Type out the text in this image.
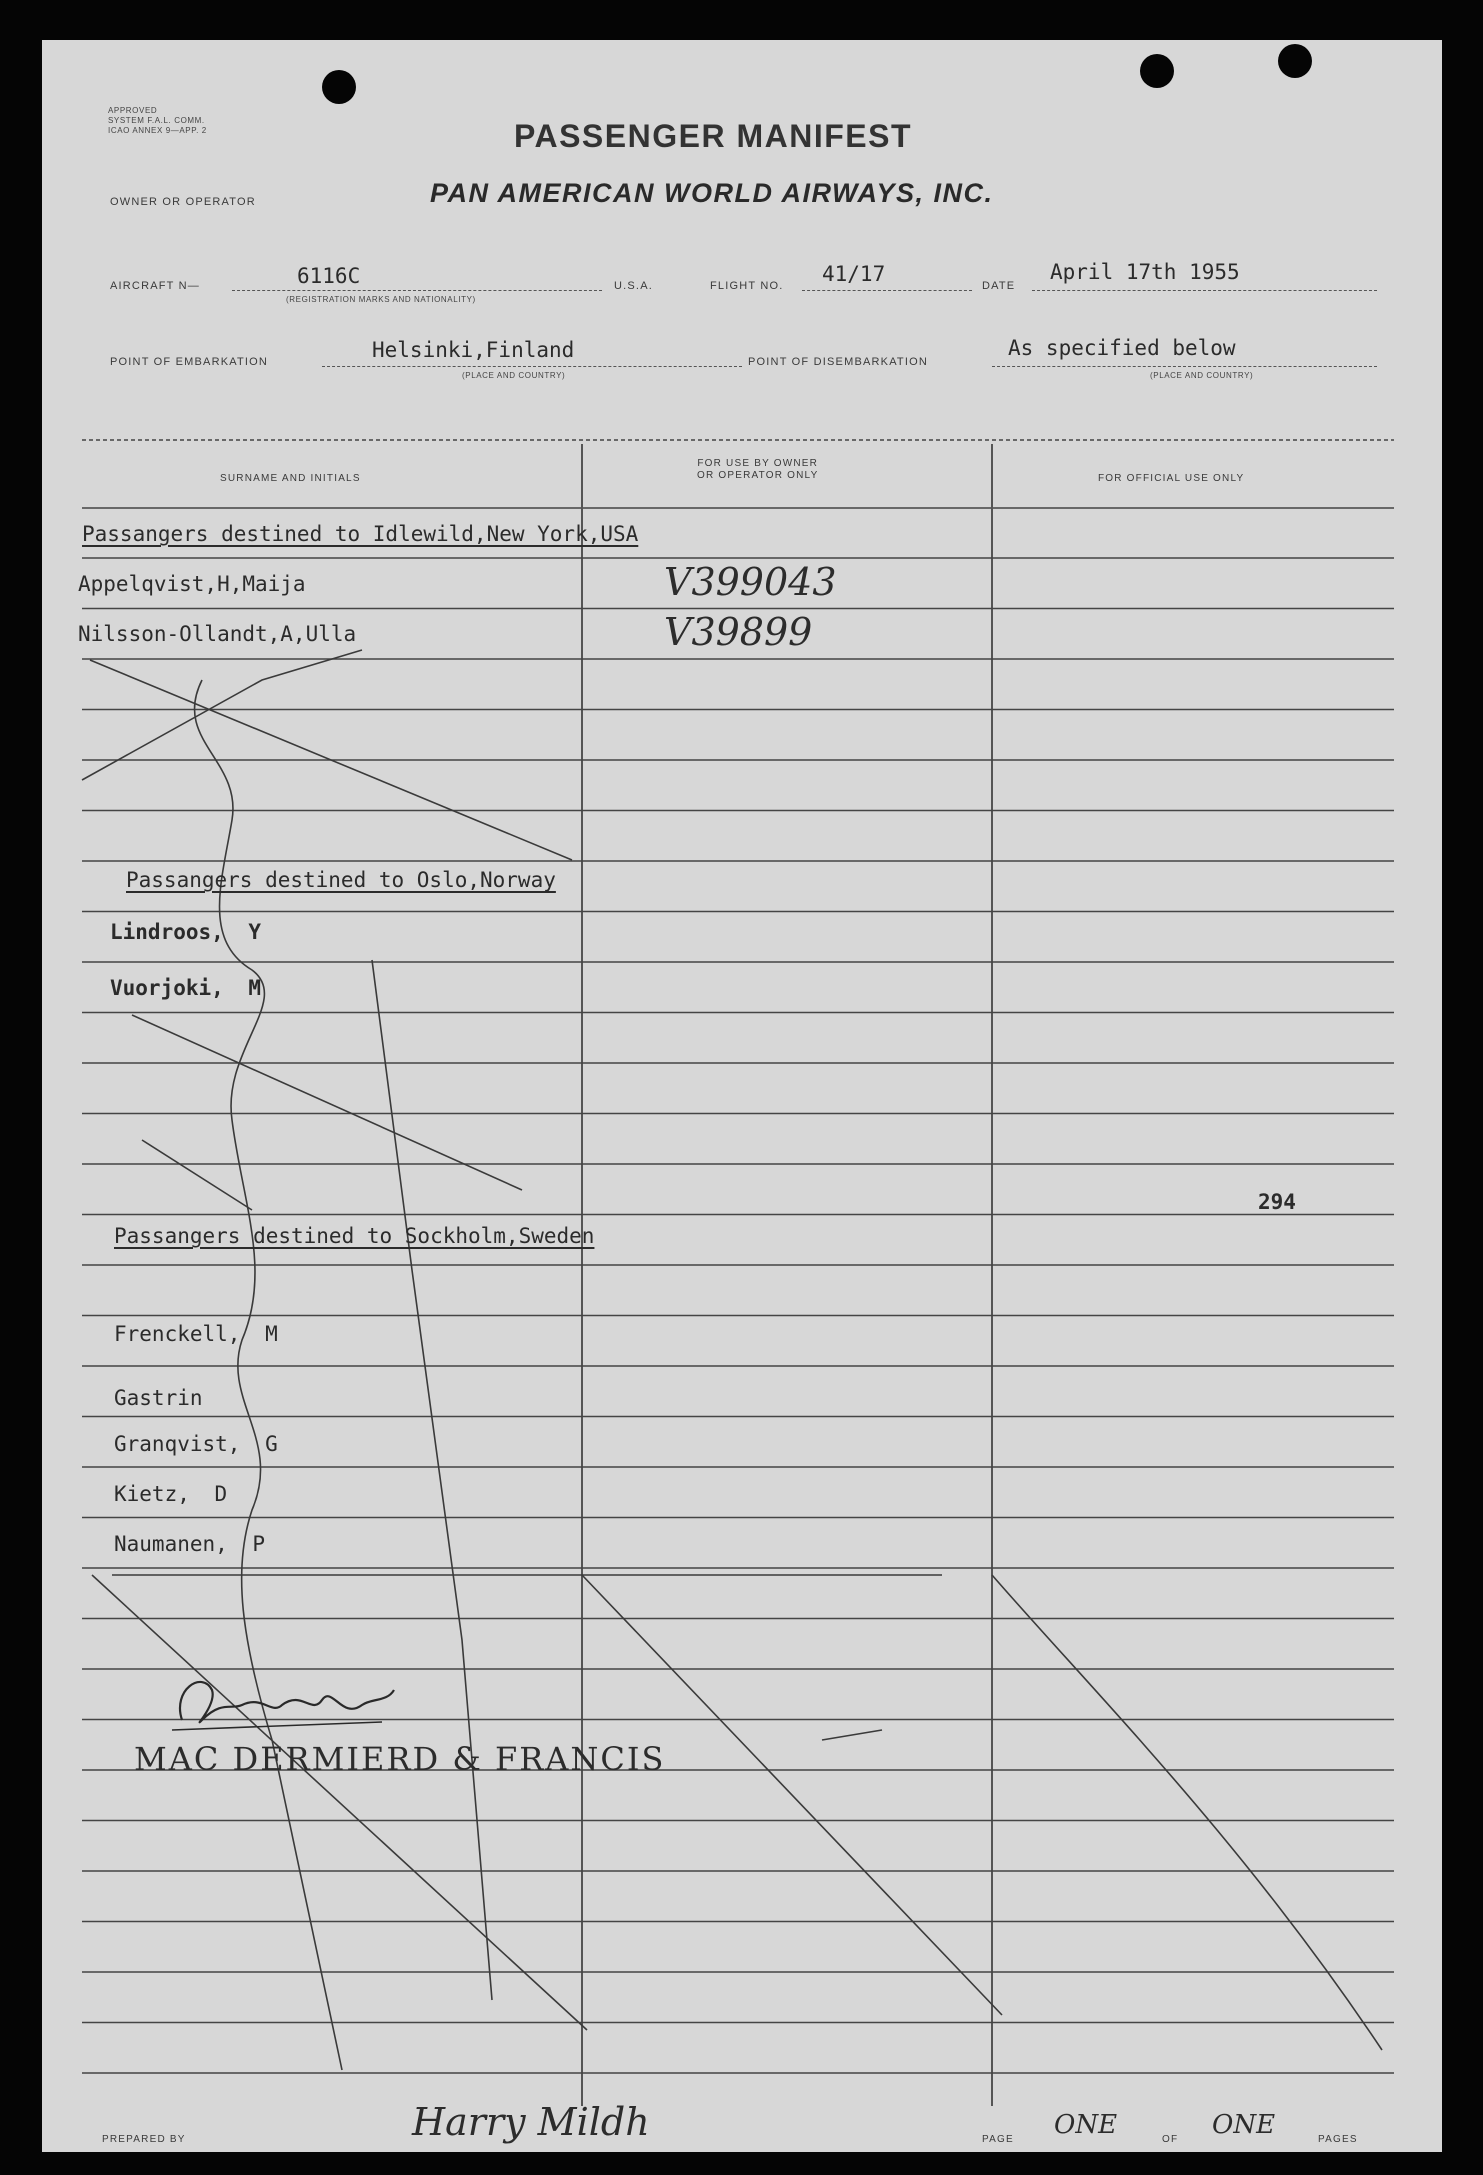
APPROVED
SYSTEM F.A.L. COMM.
ICAO ANNEX 9—APP. 2	PASSENGER MANIFEST
OWNER OR OPERATOR	PAN AMERICAN WORLD AIRWAYS, INC.
AIRCRAFT N—	6116C
(REGISTRATION MARKS AND NATIONALITY)
U.S.A.	FLIGHT NO. 41/17	DATE
April 17th 1955
POINT OF EMBARKATION	Helsinki,Finland
(PLACE AND COUNTRY)
POINT OF DISEMBARKATION
As specified below
(PLACE AND COUNTRY)
SURNAME AND INITIALS
FOR USE BY OWNER
OR OPERATOR ONLY	FOR OFFICIAL USE ONLY
Passangers destined to Idlewild,New York,USA
Appelqvist,H,Maija	V399043
Nilsson-Ollandt,A,Ulla	V39899
Passangers destined to Oslo,Norway
Lindroos, Y
Vuorjoki, M
294
Passangers destined to Sockholm,Sweden
Frenckell, M
Gastrin
Granqvist, G
Kietz, D
Naumanen, P
MAC DERMIERD & FRANCIS
PREPARED BY	Harry Mildh	PAGE ONE	OF ONE	PAGES
